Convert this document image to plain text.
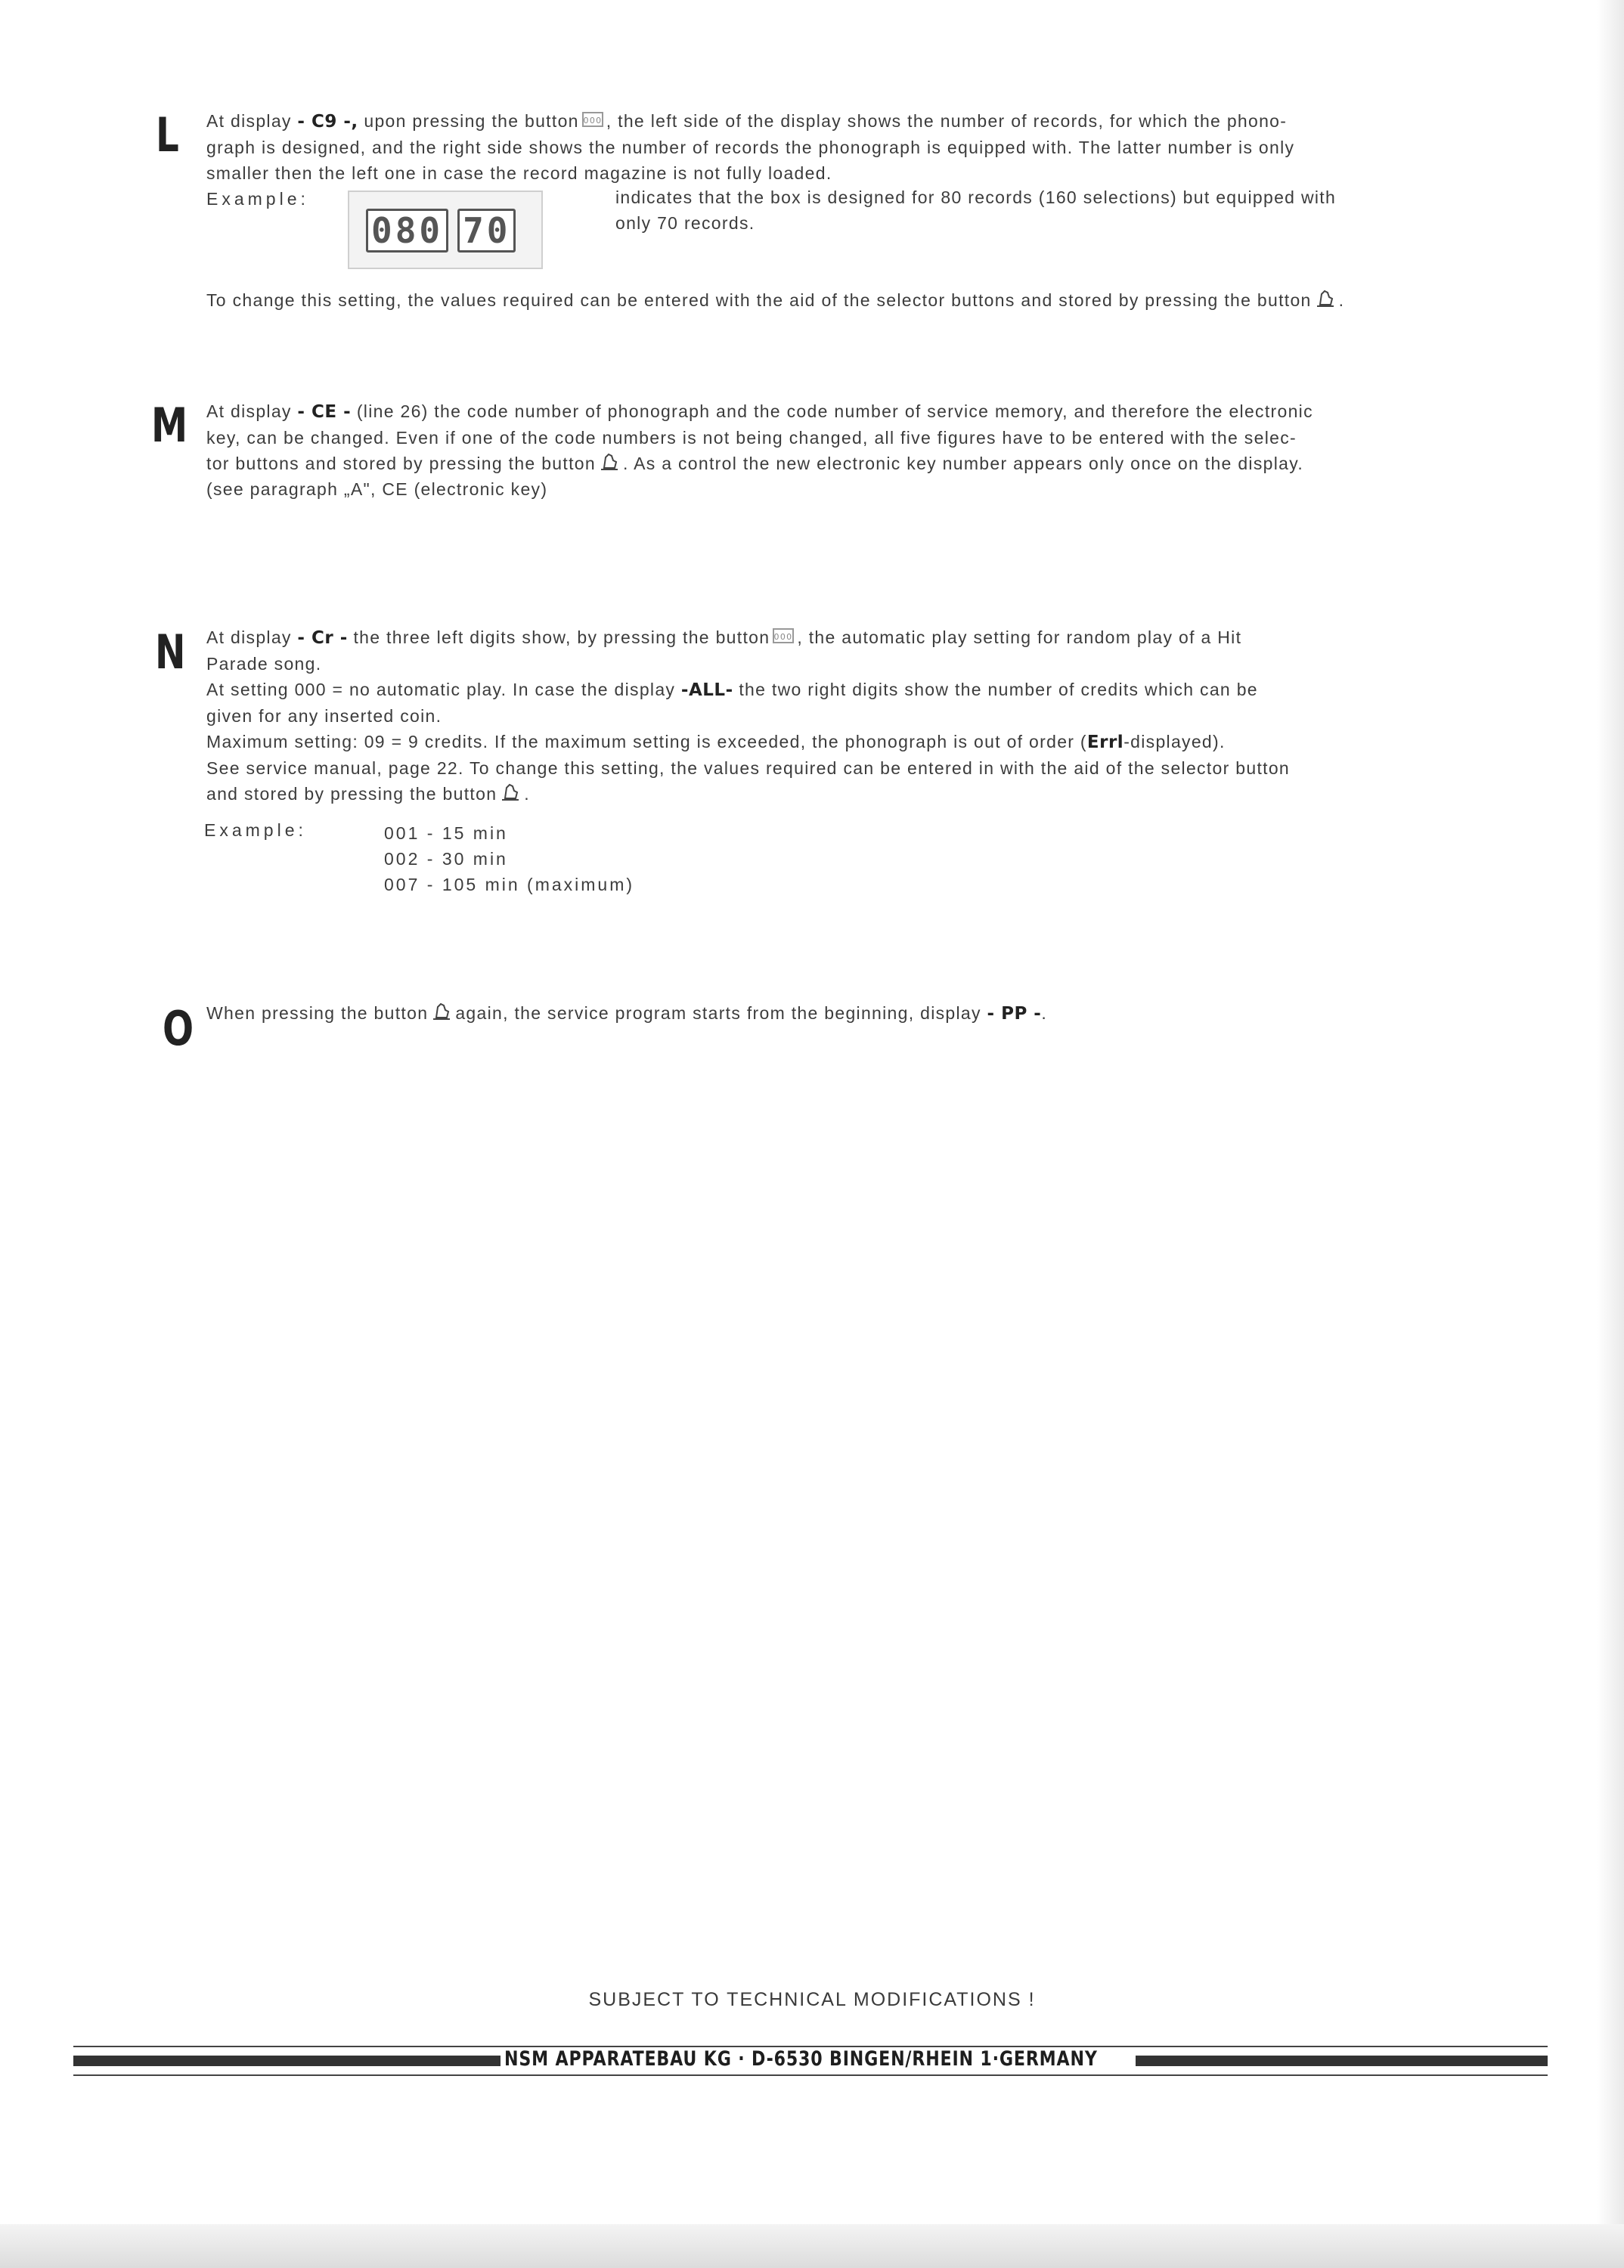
L At display - C9 -, upon pressing the button 000 , the left side of the display shows the number of records, for which the phono-
graph is designed, and the right side shows the number of records the phonograph is equipped with. The latter number is only
smaller then the left one in case the record magazine is not fully loaded.

Example:
080 70

indicates that the box is designed for 80 records (160 selections) but equipped with
only 70 records.

To change this setting, the values required can be entered with the aid of the selector buttons and stored by pressing the button .

M At display - CE - (line 26) the code number of phonograph and the code number of service memory, and therefore the electronic
key, can be changed. Even if one of the code numbers is not being changed, all five figures have to be entered with the selec-
tor buttons and stored by pressing the button . As a control the new electronic key number appears only once on the display.
(see paragraph „A", CE (electronic key)

N At display - Cr - the three left digits show, by pressing the button 000 , the automatic play setting for random play of a Hit
Parade song.
At setting 000 = no automatic play. In case the display -ALL- the two right digits show the number of credits which can be
given for any inserted coin.
Maximum setting: 09 = 9 credits. If the maximum setting is exceeded, the phonograph is out of order (Errl-displayed).
See service manual, page 22. To change this setting, the values required can be entered in with the aid of the selector button
and stored by pressing the button .

Example:	001 - 15 min
002 - 30 min
007 - 105 min (maximum)
O When pressing the button again, the service program starts from the beginning, display - PP -.

SUBJECT TO TECHNICAL MODIFICATIONS !
NSM APPARATEBAU KG · D-6530 BINGEN/RHEIN 1·GERMANY
